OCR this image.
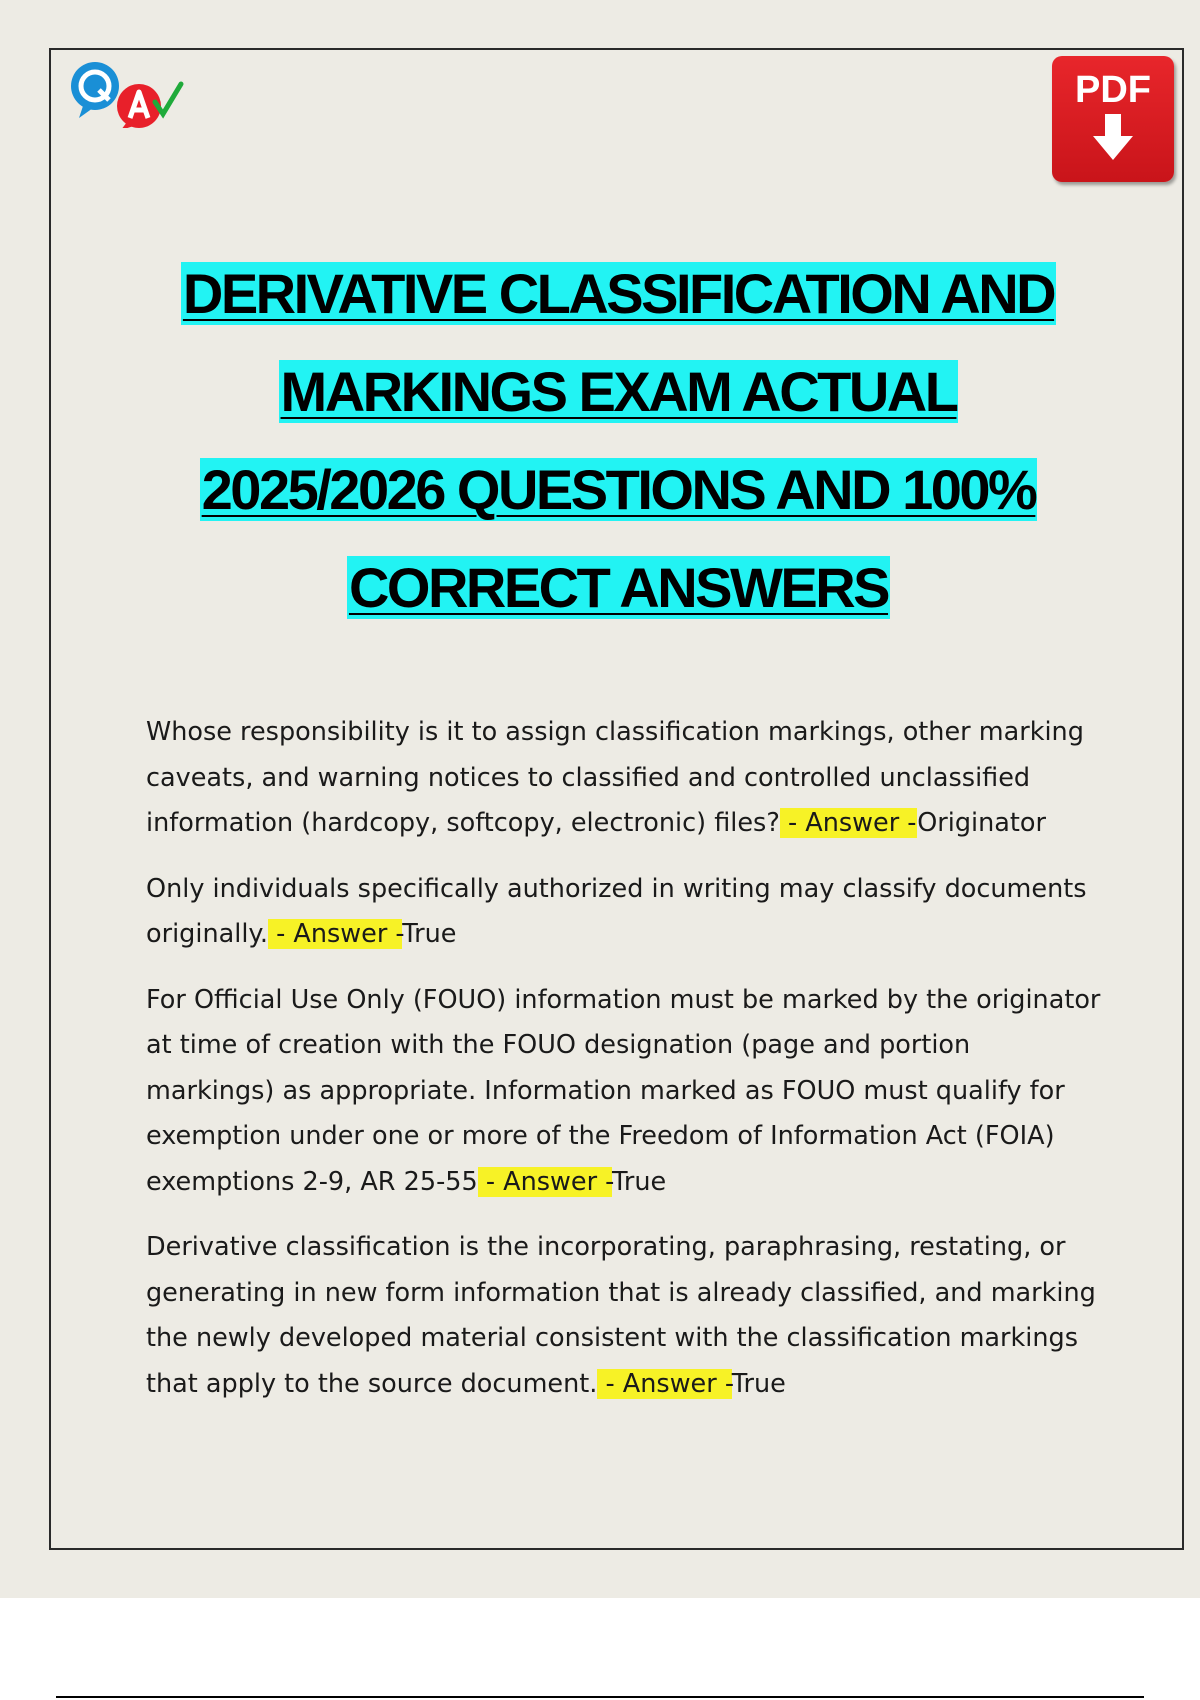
PDF
DERIVATIVE CLASSIFICATION AND
MARKINGS EXAM ACTUAL
2025/2026 QUESTIONS AND 100%
CORRECT ANSWERS

Whose responsibility is it to assign classification markings, other marking caveats, and warning notices to classified and controlled unclassified information (hardcopy, softcopy, electronic) files? - Answer -Originator

Only individuals specifically authorized in writing may classify documents originally. - Answer -True

For Official Use Only (FOUO) information must be marked by the originator at time of creation with the FOUO designation (page and portion markings) as appropriate. Information marked as FOUO must qualify for exemption under one or more of the Freedom of Information Act (FOIA) exemptions 2-9, AR 25-55 - Answer -True

Derivative classification is the incorporating, paraphrasing, restating, or generating in new form information that is already classified, and marking the newly developed material consistent with the classification markings that apply to the source document. - Answer -True
